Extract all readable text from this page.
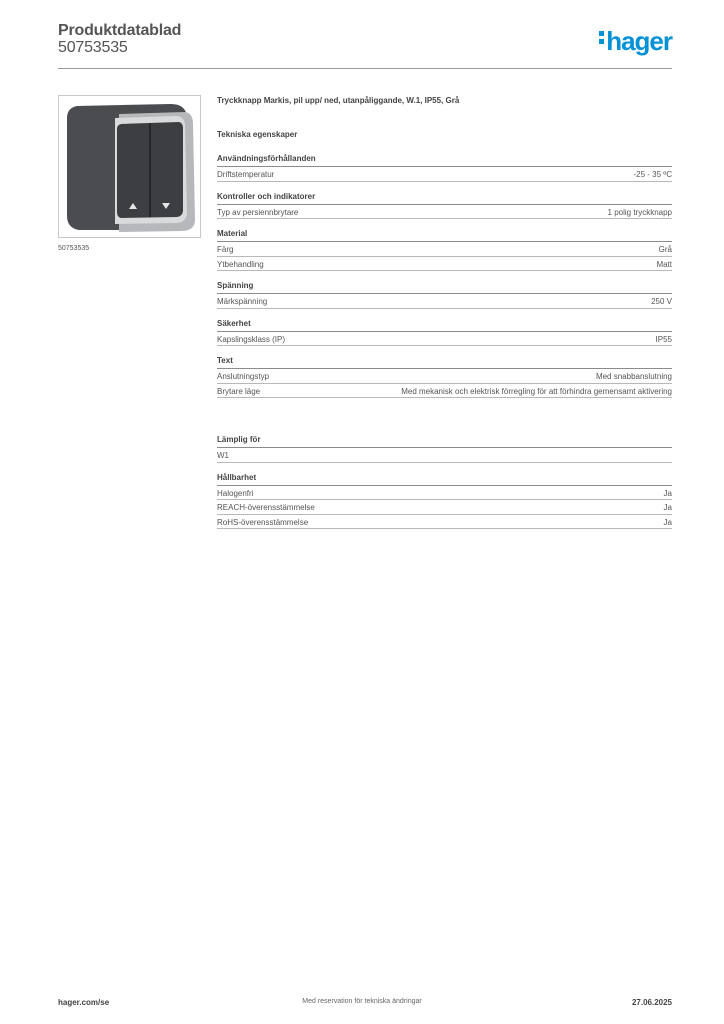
Produktdatablad
50753535	hager
50753535
Tryckknapp Markis, pil upp/ ned, utanpåliggande, W.1, IP55, Grå
Tekniska egenskaper
Användningsförhållanden
Driftstemperatur	-25 - 35 ºC
Kontroller och indikatorer
Typ av persiennbrytare	1 polig tryckknapp
Material
Färg	Grå
Ytbehandling	Matt
Spänning
Märkspänning	250 V
Säkerhet
Kapslingsklass (IP)	IP55
Text
Anslutningstyp	Med snabbanslutning
Brytare läge	Med mekanisk och elektrisk förregling för att förhindra gemensamt aktivering
Lämplig för
W1
Hållbarhet
Halogenfri	Ja
REACH-överensstämmelse	Ja
RoHS-överensstämmelse	Ja
hager.com/se	Med reservation för tekniska ändringar	27.06.2025
